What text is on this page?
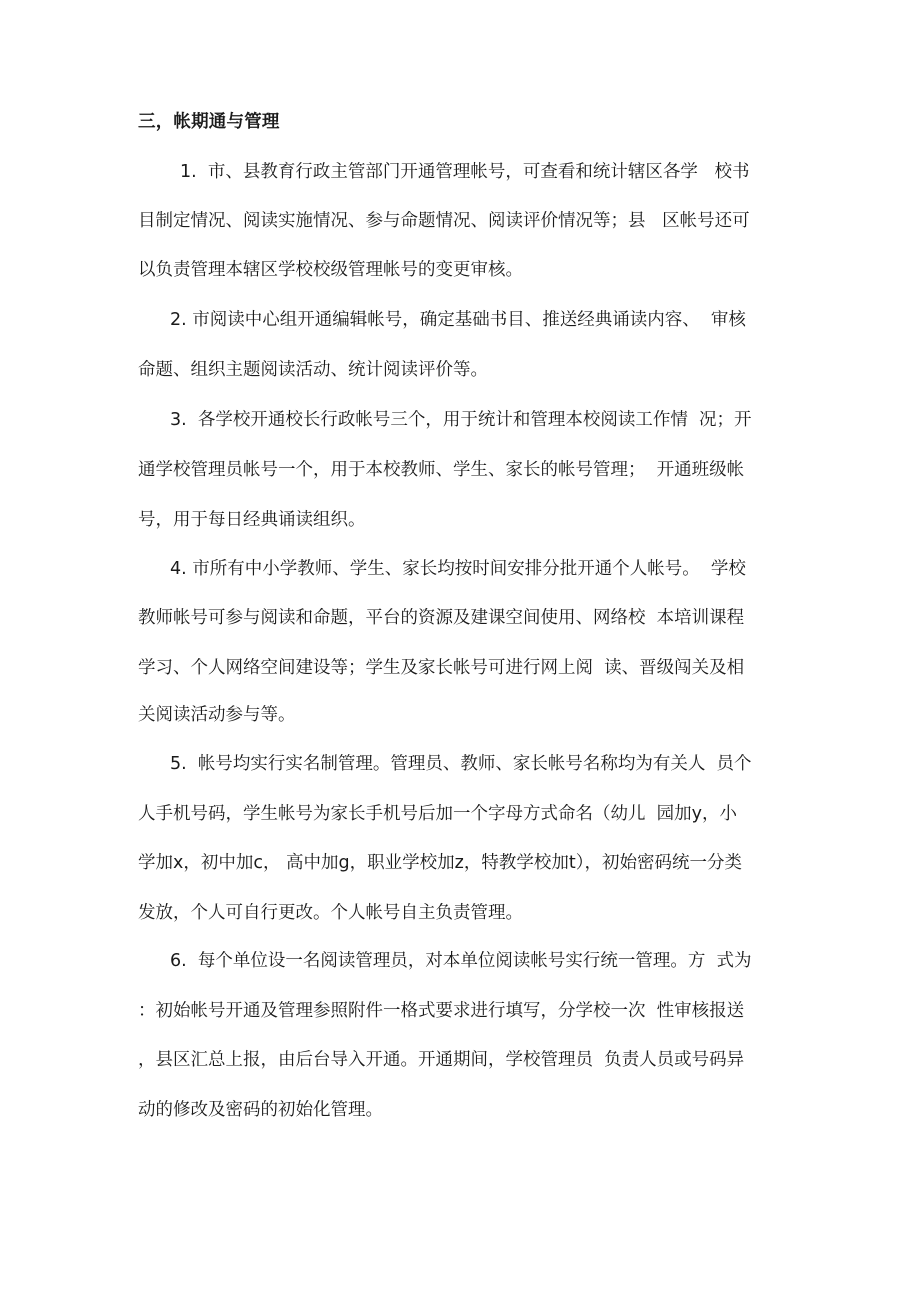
三，帐期通与管理
1.  市、县教育行政主管部门开通管理帐号，可查看和统计辖区各学   校书
目制定情况、阅读实施情况、参与命题情况、阅读评价情况等；县   区帐号还可
以负责管理本辖区学校校级管理帐号的变更审核。
2. 市阅读中心组开通编辑帐号，确定基础书目、推送经典诵读内容、  审核
命题、组织主题阅读活动、统计阅读评价等。
3.  各学校开通校长行政帐号三个，用于统计和管理本校阅读工作情  况；开
通学校管理员帐号一个，用于本校教师、学生、家长的帐号管理；  开通班级帐
号，用于每日经典诵读组织。
4. 市所有中小学教师、学生、家长均按时间安排分批开通个人帐号。  学校
教师帐号可参与阅读和命题，平台的资源及建课空间使用、网络校  本培训课程
学习、个人网络空间建设等；学生及家长帐号可进行网上阅  读、晋级闯关及相
关阅读活动参与等。
5.  帐号均实行实名制管理。管理员、教师、家长帐号名称均为有关人  员个
人手机号码，学生帐号为家长手机号后加一个字母方式命名（幼儿  园加y，小
学加x，初中加c， 高中加g，职业学校加z，特教学校加t），初始密码统一分类
发放，个人可自行更改。个人帐号自主负责管理。
6.  每个单位设一名阅读管理员，对本单位阅读帐号实行统一管理。方  式为
：初始帐号开通及管理参照附件一格式要求进行填写，分学校一次  性审核报送
，县区汇总上报，由后台导入开通。开通期间，学校管理员  负责人员或号码异
动的修改及密码的初始化管理。
